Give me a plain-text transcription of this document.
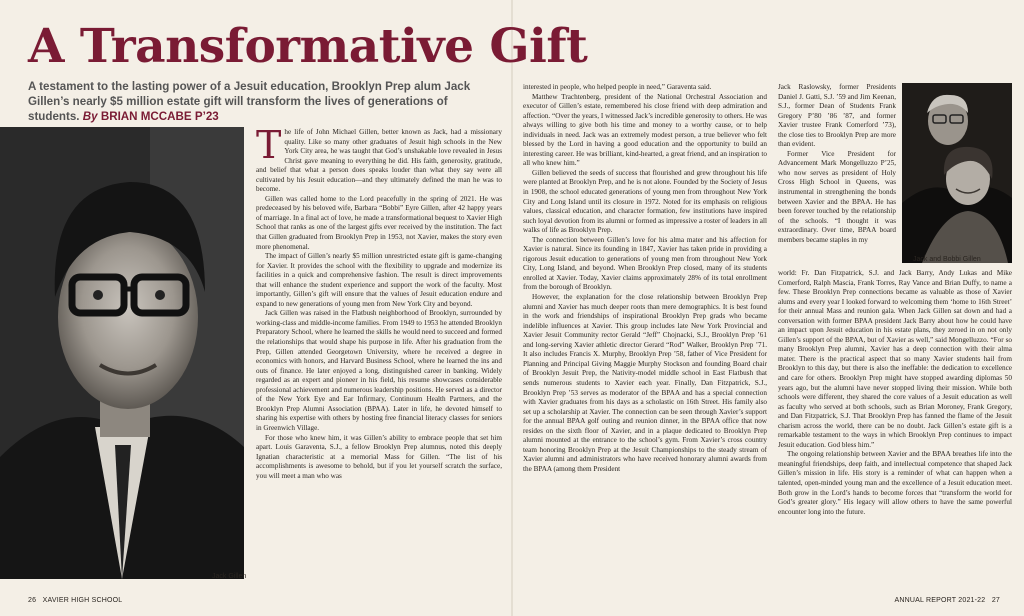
A Transformative Gift
A testament to the lasting power of a Jesuit education, Brooklyn Prep alum Jack Gillen’s nearly $5 million estate gift will transform the lives of generations of students. By BRIAN MCCABE P’23
Jack Gillen
Jack and Bobbi Gillen
T he life of John Michael Gillen, better known as Jack, had a missionary quality. Like so many other graduates of Jesuit high schools in the New York City area, he was taught that God’s unshakable love revealed in Jesus Christ gave meaning to everything he did. His faith, generosity, gratitude, and belief that what a person does speaks louder than what they say were all cultivated by his Jesuit education—and they ultimately defined the man he was to become.

Gillen was called home to the Lord peacefully in the spring of 2021. He was predeceased by his beloved wife, Barbara “Bobbi” Eyre Gillen, after 42 happy years of marriage. In a final act of love, he made a transformational bequest to Xavier High School that ranks as one of the largest gifts ever received by the institution. The fact that Gillen graduated from Brooklyn Prep in 1953, not Xavier, makes the story even more phenomenal.

The impact of Gillen’s nearly $5 million unrestricted estate gift is game-changing for Xavier. It provides the school with the flexibility to upgrade and modernize its facilities in a quick and comprehensive fashion. The result is direct improvements that will enhance the student experience and support the work of the faculty. Most importantly, Gillen’s gift will ensure that the values of Jesuit education endure and expand to new generations of young men from New York City and beyond.

Jack Gillen was raised in the Flatbush neighborhood of Brooklyn, surrounded by working-class and middle-income families. From 1949 to 1953 he attended Brooklyn Preparatory School, where he learned the skills he would need to succeed and formed the relationships that would shape his purpose in life. After his graduation from the Prep, Gillen attended Georgetown University, where he received a degree in economics with honors, and Harvard Business School, where he learned the ins and outs of finance. He later enjoyed a long, distinguished career in banking. Widely regarded as an expert and pioneer in his field, his resume showcases considerable professional achievement and numerous leadership positions. He served as a director of the New York Eye and Ear Infirmary, Continuum Health Partners, and the Brooklyn Prep Alumni Association (BPAA). Later in life, he devoted himself to sharing his expertise with others by hosting free financial literacy classes for seniors in Greenwich Village.

For those who knew him, it was Gillen’s ability to embrace people that set him apart. Louis Garaventa, S.J., a fellow Brooklyn Prep alumnus, noted this deeply Ignatian characteristic at a memorial Mass for Gillen. “The list of his accomplishments is awesome to behold, but if you let yourself scratch the surface, you will meet a man who was

interested in people, who helped people in need,” Garaventa said.

Matthew Trachtenberg, president of the National Orchestral Association and executor of Gillen’s estate, remembered his close friend with deep admiration and affection. “Over the years, I witnessed Jack’s incredible generosity to others. He was always willing to give both his time and money to a worthy cause, or to help individuals in need. Jack was an extremely modest person, a true believer who felt blessed by the Lord in having a good education and the opportunity to build an interesting career. He was brilliant, kind-hearted, a great friend, and an inspiration to all who knew him.”

Gillen believed the seeds of success that flourished and grew throughout his life were planted at Brooklyn Prep, and he is not alone. Founded by the Society of Jesus in 1908, the school educated generations of young men from throughout New York City and Long Island until its closure in 1972. Noted for its emphasis on religious values, classical education, and character formation, few institutions have inspired such loyal devotion from its alumni or formed as impressive a roster of leaders in all walks of life as Brooklyn Prep.

The connection between Gillen’s love for his alma mater and his affection for Xavier is natural. Since its founding in 1847, Xavier has taken pride in providing a rigorous Jesuit education to generations of young men from throughout New York City, Long Island, and beyond. When Brooklyn Prep closed, many of its students enrolled at Xavier. Today, Xavier claims approximately 28% of its total enrollment from the borough of Brooklyn.

However, the explanation for the close relationship between Brooklyn Prep alumni and Xavier has much deeper roots than mere demographics. It is best found in the work and friendships of inspirational Brooklyn Prep grads who became indelible influences at Xavier. This group includes late New York Provincial and Xavier Jesuit Community rector Gerald “Jeff” Chojnacki, S.J., Brooklyn Prep ’61 and long-serving Xavier athletic director Gerard “Rod” Walker, Brooklyn Prep ’71. It also includes Francis X. Murphy, Brooklyn Prep ’58, father of Vice President for Planning and Principal Giving Maggie Murphy Stockson and founding Board chair of Brooklyn Jesuit Prep, the Nativity-model middle school in East Flatbush that sends numerous students to Xavier each year. Finally, Dan Fitzpatrick, S.J., Brooklyn Prep ’53 serves as moderator of the BPAA and has a special connection with Xavier graduates from his days as a scholastic on 16th Street. His family also set up a scholarship at Xavier. The connection can be seen through Xavier’s support for the annual BPAA golf outing and reunion dinner, in the BPAA office that now resides on the sixth floor of Xavier, and in a plaque dedicated to Brooklyn Prep alumni mounted at the entrance to the school’s gym. From Xavier’s cross country team honoring Brooklyn Prep at the Jesuit Championships to the steady stream of Xavier alumni and administrators who have received honorary alumni awards from the BPAA (among them President

Jack Raslowsky, former Presidents Daniel J. Gatti, S.J. ’59 and Jim Keenan, S.J., former Dean of Students Frank Gregory P’80 ’86 ’87, and former Xavier trustee Frank Comerford ’73), the close ties to Brooklyn Prep are more than evident.

Former Vice President for Advancement Mark Mongelluzzo P’25, who now serves as president of Holy Cross High School in Queens, was instrumental in strengthening the bonds between Xavier and the BPAA. He has been forever touched by the relationship of the schools. “I thought it was extraordinary. Over time, BPAA board members became staples in my

world: Fr. Dan Fitzpatrick, S.J. and Jack Barry, Andy Lukas and Mike Comerford, Ralph Mascia, Frank Torres, Ray Vance and Brian Duffy, to name a few. These Brooklyn Prep connections became as valuable as those of Xavier alums and every year I looked forward to welcoming them ‘home to 16th Street’ for their annual Mass and reunion gala. When Jack Gillen sat down and had a conversation with former BPAA president Jack Barry about how he could have an impact upon Jesuit education in his estate plans, they zeroed in on not only Gillen’s support of the BPAA, but of Xavier as well,” said Mongelluzzo. “For so many Brooklyn Prep alumni, Xavier has a deep connection with their alma mater. There is the practical aspect that so many Xavier students hail from Brooklyn to this day, but there is also the ineffable: the dedication to excellence and care for others. Brooklyn Prep might have stopped awarding diplomas 50 years ago, but the alumni have never stopped living their mission. While both schools were different, they shared the core values of a Jesuit education as well as faculty who served at both schools, such as Brian Moroney, Frank Gregory, and Dan Fitzpatrick, S.J. That Brooklyn Prep has fanned the flame of the Jesuit charism across the world, there can be no doubt. Jack Gillen’s estate gift is a remarkable testament to the ways in which Brooklyn Prep continues to impact Jesuit education. God bless him.”

The ongoing relationship between Xavier and the BPAA breathes life into the meaningful friendships, deep faith, and intellectual competence that shaped Jack Gillen’s mission in life. His story is a reminder of what can happen when a talented, open-minded young man and the excellence of a Jesuit education meet. Both grow in the Lord’s hands to become forces that “transform the world for God’s greater glory.” His legacy will allow others to have the same powerful encounter long into the future.

26 XAVIER HIGH SCHOOL	ANNUAL REPORT 2021-22 27
